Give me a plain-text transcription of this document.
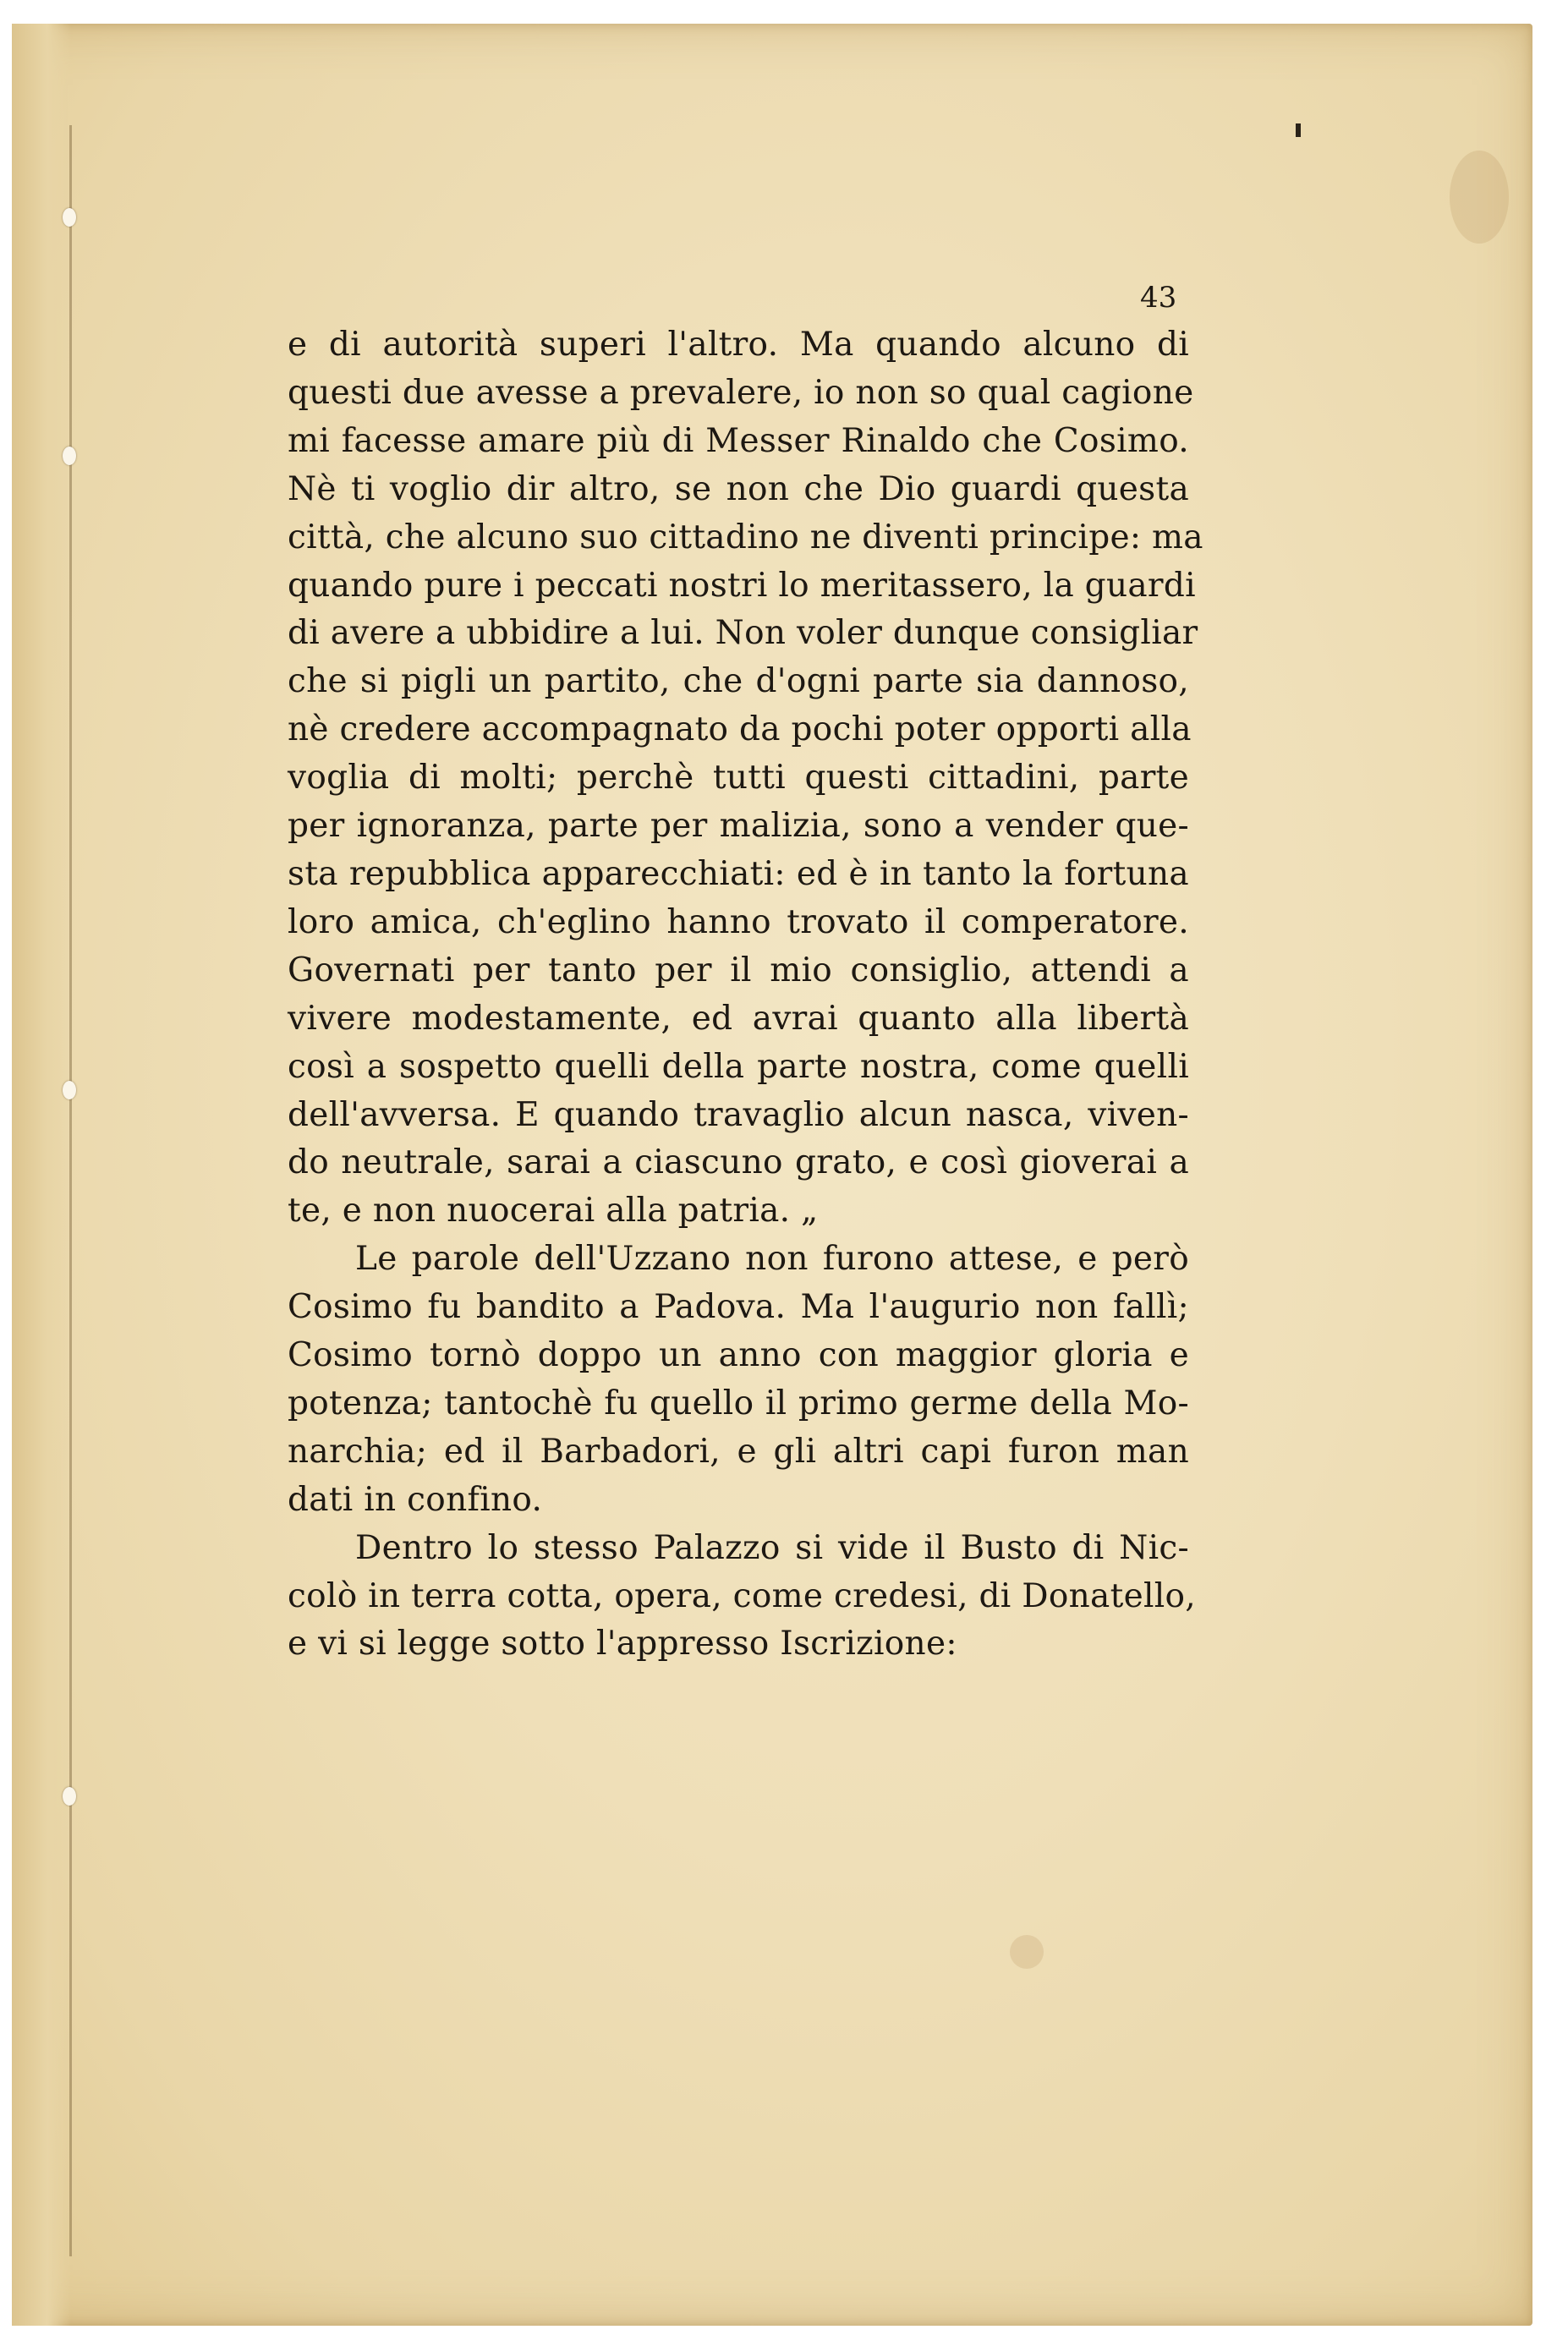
43
e di autorità superi l'altro. Ma quando alcuno di
questi due avesse a prevalere, io non so qual cagione
mi facesse amare più di Messer Rinaldo che Cosimo.
Nè ti voglio dir altro, se non che Dio guardi questa
città, che alcuno suo cittadino ne diventi principe: ma
quando pure i peccati nostri lo meritassero, la guardi
di avere a ubbidire a lui. Non voler dunque consigliar
che si pigli un partito, che d'ogni parte sia dannoso,
nè credere accompagnato da pochi poter opporti alla
voglia di molti; perchè tutti questi cittadini, parte
per ignoranza, parte per malizia, sono a vender que-
sta repubblica apparecchiati: ed è in tanto la fortuna
loro amica, ch'eglino hanno trovato il comperatore.
Governati per tanto per il mio consiglio, attendi a
vivere modestamente, ed avrai quanto alla libertà
così a sospetto quelli della parte nostra, come quelli
dell'avversa. E quando travaglio alcun nasca, viven-
do neutrale, sarai a ciascuno grato, e così gioverai a
te, e non nuocerai alla patria. „
Le parole dell'Uzzano non furono attese, e però
Cosimo fu bandito a Padova. Ma l'augurio non fallì;
Cosimo tornò doppo un anno con maggior gloria e
potenza; tantochè fu quello il primo germe della Mo-
narchia; ed il Barbadori, e gli altri capi furon man
dati in confino.
Dentro lo stesso Palazzo si vide il Busto di Nic-
colò in terra cotta, opera, come credesi, di Donatello,
e vi si legge sotto l'appresso Iscrizione:
